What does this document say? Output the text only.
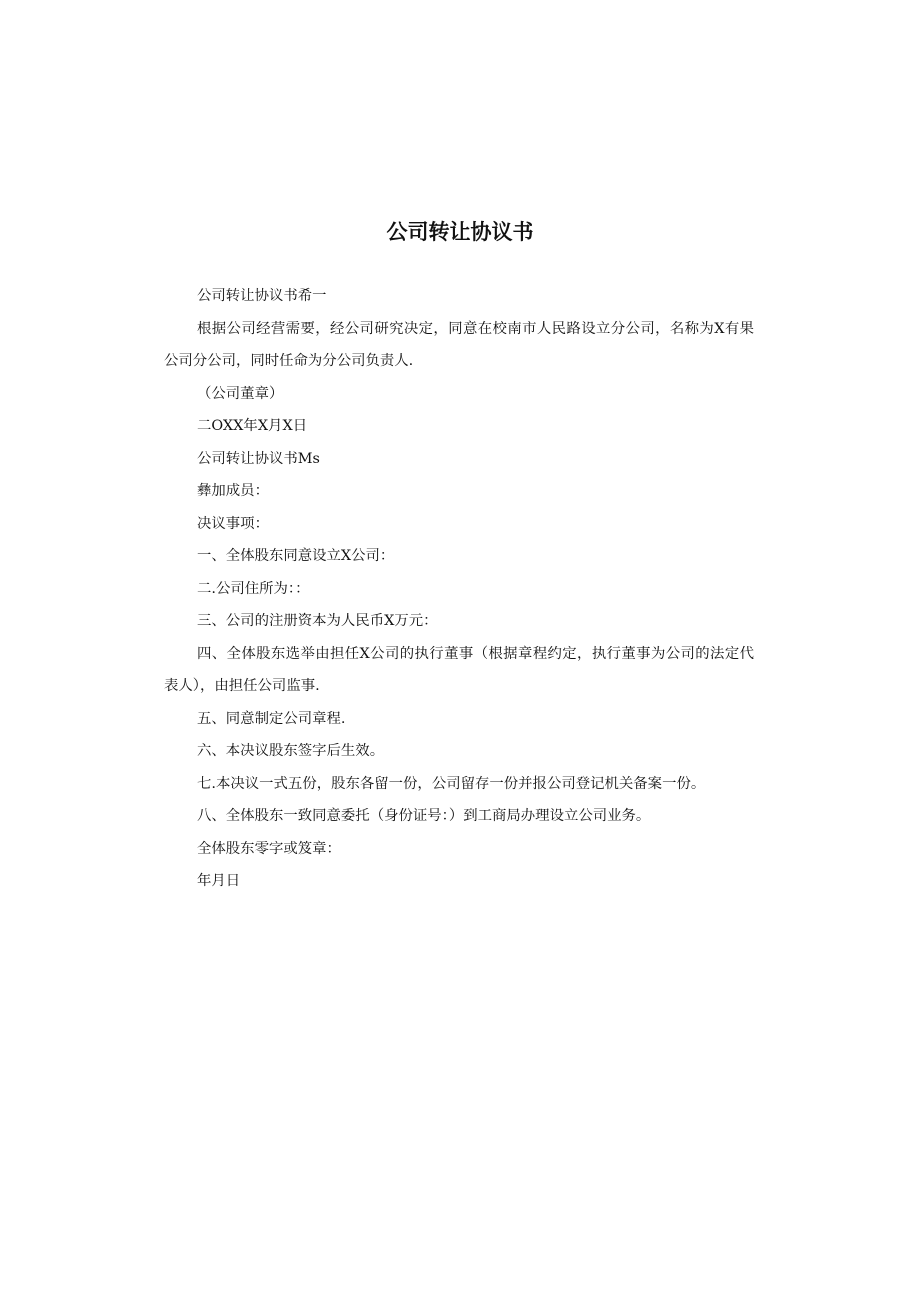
公司转让协议书

公司转让协议书希一

根据公司经营需要，经公司研究决定，同意在校南市人民路设立分公司，名称为X有果公司分公司，同时任命为分公司负责人.

（公司董章）

二OXX年X月X日

公司转让协议书Ms

彝加成员：

决议事项：

一、全体股东同意设立X公司：

二.公司住所为：：

三、公司的注册资本为人民币X万元：

四、全体股东选举由担任X公司的执行董事（根据章程约定，执行董事为公司的法定代表人），由担任公司监事.

五、同意制定公司章程.

六、本决议股东签字后生效。

七.本决议一式五份，股东各留一份，公司留存一份并报公司登记机关备案一份。

八、全体股东一致同意委托（身份证号：）到工商局办理设立公司业务。

全体股东零字或笈章：

年月日
